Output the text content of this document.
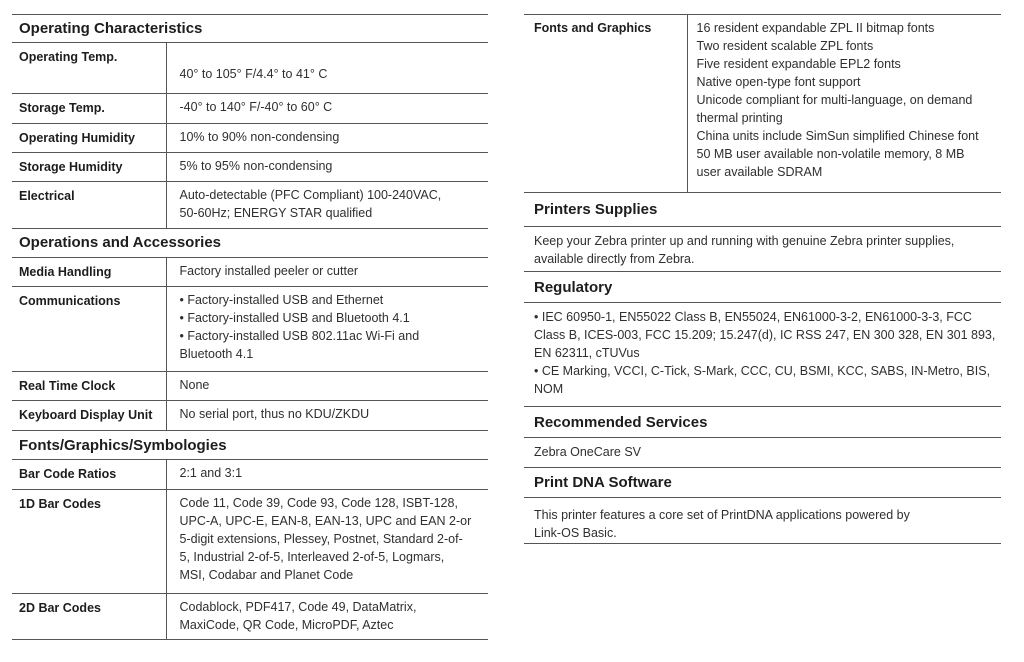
Operating Characteristics
Operating Temp.	40° to 105° F/4.4° to 41° C

Storage Temp.	-40° to 140° F/-40° to 60° C

Operating Humidity	10% to 90% non-condensing

Storage Humidity	5% to 95% non-condensing

Electrical	Auto-detectable (PFC Compliant) 100-240VAC,
50-60Hz; ENERGY STAR qualified
Operations and Accessories
Media Handling	Factory installed peeler or cutter

Communications	• Factory-installed USB and Ethernet
• Factory-installed USB and Bluetooth 4.1
• Factory-installed USB 802.11ac Wi-Fi and
Bluetooth 4.1

Real Time Clock	None

Keyboard Display Unit	No serial port, thus no KDU/ZKDU
Fonts/Graphics/Symbologies
Bar Code Ratios	2:1 and 3:1

1D Bar Codes	Code 11, Code 39, Code 93, Code 128, ISBT-128,
UPC-A, UPC-E, EAN-8, EAN-13, UPC and EAN 2-or
5-digit extensions, Plessey, Postnet, Standard 2-of-
5, Industrial 2-of-5, Interleaved 2-of-5, Logmars,
MSI, Codabar and Planet Code

2D Bar Codes	Codablock, PDF417, Code 49, DataMatrix,
MaxiCode, QR Code, MicroPDF, Aztec
Fonts and Graphics	16 resident expandable ZPL II bitmap fonts
Two resident scalable ZPL fonts
Five resident expandable EPL2 fonts
Native open-type font support
Unicode compliant for multi-language, on demand
thermal printing
China units include SimSun simplified Chinese font
50 MB user available non-volatile memory, 8 MB
user available SDRAM
Printers Supplies
Keep your Zebra printer up and running with genuine Zebra printer supplies,
available directly from Zebra.
Regulatory
• IEC 60950-1, EN55022 Class B, EN55024, EN61000-3-2, EN61000-3-3, FCC
Class B, ICES-003, FCC 15.209; 15.247(d), IC RSS 247, EN 300 328, EN 301 893,
EN 62311, cTUVus
• CE Marking, VCCI, C-Tick, S-Mark, CCC, CU, BSMI, KCC, SABS, IN-Metro, BIS,
NOM
Recommended Services
Zebra OneCare SV
Print DNA Software
This printer features a core set of PrintDNA applications powered by
Link-OS Basic.
